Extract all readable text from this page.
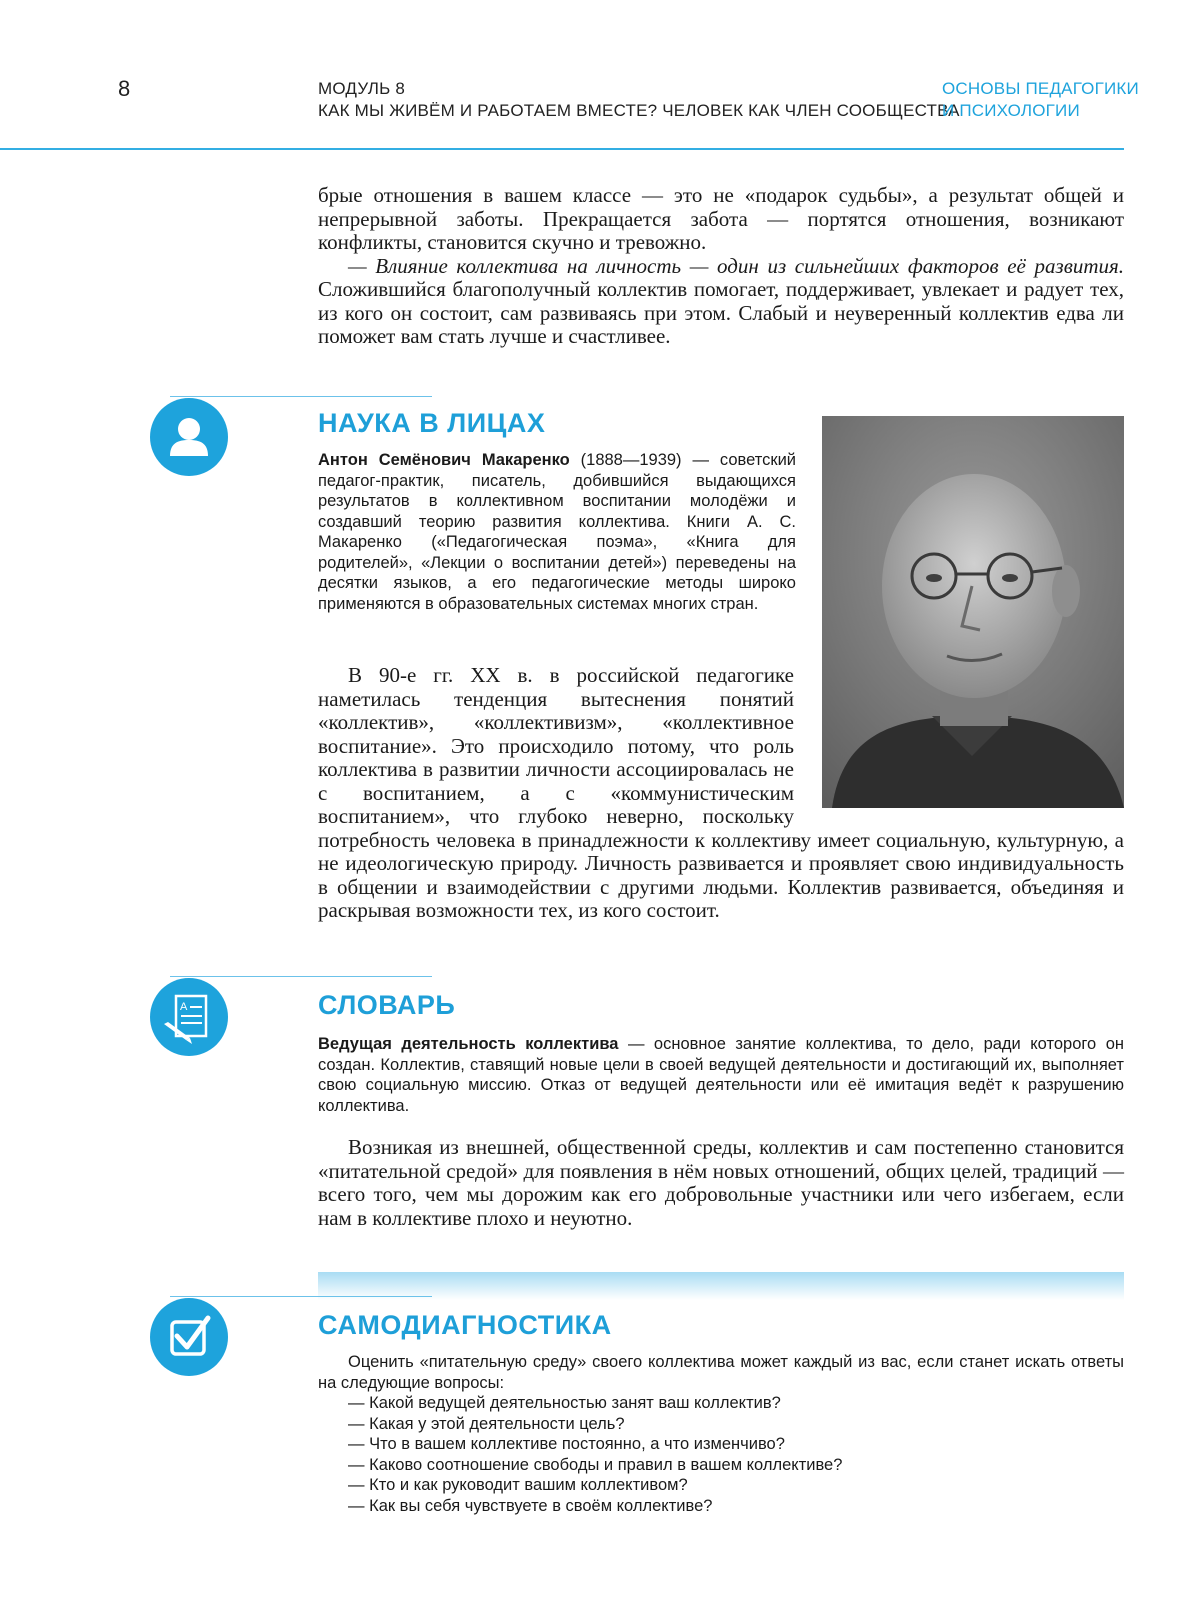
8	МОДУЛЬ 8
КАК МЫ ЖИВЁМ И РАБОТАЕМ ВМЕСТЕ? ЧЕЛОВЕК КАК ЧЛЕН СООБЩЕСТВА
ОСНОВЫ ПЕДАГОГИКИ
И ПСИХОЛОГИИ

брые отношения в вашем классе — это не «подарок судьбы», а результат общей и непрерывной заботы. Прекращается забота — портятся отношения, возникают конфликты, становится скучно и тревожно.

— Влияние коллектива на личность — один из сильнейших факторов её развития. Сложившийся благополучный коллектив помогает, поддерживает, увлекает и радует тех, из кого он состоит, сам развиваясь при этом. Слабый и неуверенный коллектив едва ли поможет вам стать лучше и счастливее.

НАУКА В ЛИЦАХ

Антон Семёнович Макаренко (1888—1939) — советский педагог-практик, писатель, добившийся выдающихся результатов в коллективном воспитании молодёжи и создавший теорию развития коллектива. Книги А. С. Макаренко («Педагогическая поэма», «Книга для родителей», «Лекции о воспитании детей») переведены на десятки языков, а его педагогические методы широко применяются в образовательных системах многих стран.

В 90-е гг. XX в. в российской педагогике наметилась тенденция вытеснения понятий «коллектив», «коллективизм», «коллективное воспитание». Это происходило потому, что роль коллектива в развитии личности ассоциировалась не с воспитанием, а с «коммунистическим воспитанием», что глубоко неверно, поскольку потребность человека в принадлежности к коллективу имеет социальную, культурную, а не идеологическую природу. Личность развивается и проявляет свою индивидуальность в общении и взаимодействии с другими людьми. Коллектив развивается, объединяя и раскрывая возможности тех, из кого состоит.

A	СЛОВАРЬ

Ведущая деятельность коллектива — основное занятие коллектива, то дело, ради которого он создан. Коллектив, ставящий новые цели в своей ведущей деятельности и достигающий их, выполняет свою социальную миссию. Отказ от ведущей деятельности или её имитация ведёт к разрушению коллектива.

Возникая из внешней, общественной среды, коллектив и сам постепенно становится «питательной средой» для появления в нём новых отношений, общих целей, традиций — всего того, чем мы дорожим как его добровольные участники или чего избегаем, если нам в коллективе плохо и неуютно.

САМОДИАГНОСТИКА

Оценить «питательную среду» своего коллектива может каждый из вас, если станет искать ответы на следующие вопросы:

— Какой ведущей деятельностью занят ваш коллектив?
— Какая у этой деятельности цель?
— Что в вашем коллективе постоянно, а что изменчиво?
— Каково соотношение свободы и правил в вашем коллективе?
— Кто и как руководит вашим коллективом?
— Как вы себя чувствуете в своём коллективе?
